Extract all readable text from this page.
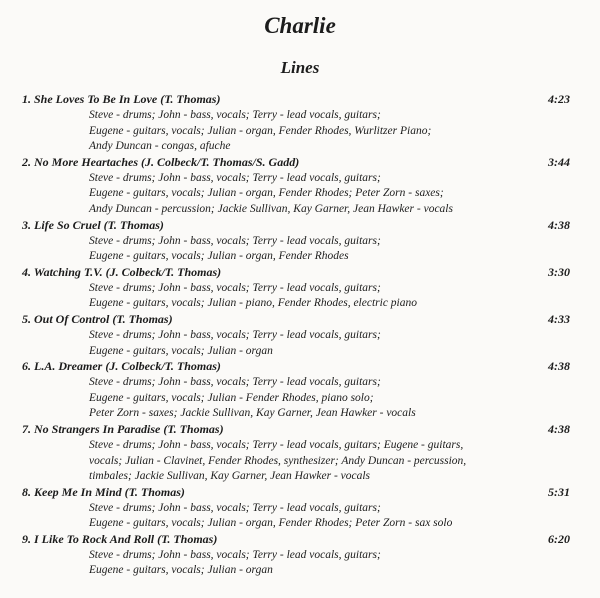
Charlie
Lines
1. She Loves To Be In Love (T. Thomas)	4:23
Steve - drums; John - bass, vocals; Terry - lead vocals, guitars;
Eugene - guitars, vocals; Julian - organ, Fender Rhodes, Wurlitzer Piano;
Andy Duncan - congas, afuche
2. No More Heartaches (J. Colbeck/T. Thomas/S. Gadd)	3:44
Steve - drums; John - bass, vocals; Terry - lead vocals, guitars;
Eugene - guitars, vocals; Julian - organ, Fender Rhodes; Peter Zorn - saxes;
Andy Duncan - percussion; Jackie Sullivan, Kay Garner, Jean Hawker - vocals
3. Life So Cruel (T. Thomas)	4:38
Steve - drums; John - bass, vocals; Terry - lead vocals, guitars;
Eugene - guitars, vocals; Julian - organ, Fender Rhodes
4. Watching T.V. (J. Colbeck/T. Thomas)	3:30
Steve - drums; John - bass, vocals; Terry - lead vocals, guitars;
Eugene - guitars, vocals; Julian - piano, Fender Rhodes, electric piano
5. Out Of Control (T. Thomas)	4:33
Steve - drums; John - bass, vocals; Terry - lead vocals, guitars;
Eugene - guitars, vocals; Julian - organ
6. L.A. Dreamer (J. Colbeck/T. Thomas)	4:38
Steve - drums; John - bass, vocals; Terry - lead vocals, guitars;
Eugene - guitars, vocals; Julian - Fender Rhodes, piano solo;
Peter Zorn - saxes; Jackie Sullivan, Kay Garner, Jean Hawker - vocals
7. No Strangers In Paradise (T. Thomas)	4:38
Steve - drums; John - bass, vocals; Terry - lead vocals, guitars; Eugene - guitars,
vocals; Julian - Clavinet, Fender Rhodes, synthesizer; Andy Duncan - percussion,
timbales; Jackie Sullivan, Kay Garner, Jean Hawker - vocals
8. Keep Me In Mind (T. Thomas)	5:31
Steve - drums; John - bass, vocals; Terry - lead vocals, guitars;
Eugene - guitars, vocals; Julian - organ, Fender Rhodes; Peter Zorn - sax solo
9. I Like To Rock And Roll (T. Thomas)	6:20
Steve - drums; John - bass, vocals; Terry - lead vocals, guitars;
Eugene - guitars, vocals; Julian - organ
